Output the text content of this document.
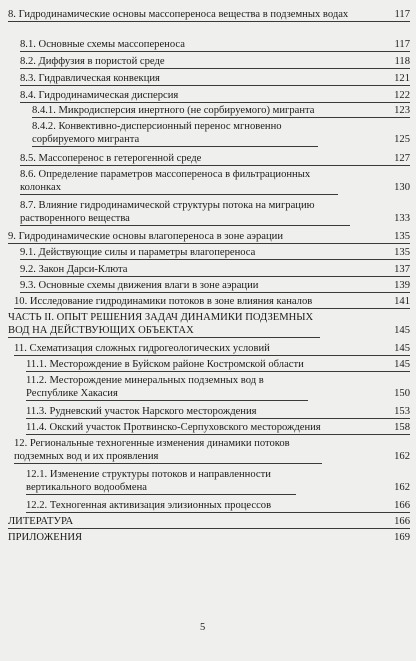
8. Гидродинамические основы массопереноса вещества в подземных водах	117
8.1. Основные схемы массопереноса	117
8.2. Диффузия в пористой среде	118
8.3. Гидравлическая конвекция	121
8.4. Гидродинамическая дисперсия	122
8.4.1. Микродисперсия инертного (не сорбируемого) мигранта	123
8.4.2. Конвективно-дисперсионный перенос мгновенно сорбируемого мигранта	125
8.5. Массоперенос в гетерогенной среде	127
8.6. Определение параметров массопереноса в фильтрационных колонках	130
8.7. Влияние гидродинамической структуры потока на миграцию растворенного вещества	133
9. Гидродинамические основы влагопереноса в зоне аэрации	135
9.1. Действующие силы и параметры влагопереноса	135
9.2. Закон Дарси-Клюта	137
9.3. Основные схемы движения влаги в зоне аэрации	139
10. Исследование гидродинамики потоков в зоне влияния каналов	141
ЧАСТЬ II. ОПЫТ РЕШЕНИЯ ЗАДАЧ ДИНАМИКИ ПОДЗЕМНЫХ ВОД НА ДЕЙСТВУЮЩИХ ОБЪЕКТАХ	145
11. Схематизация сложных гидрогеологических условий	145
11.1. Месторождение в Буйском районе Костромской области	145
11.2. Месторождение минеральных подземных вод в Республике Хакасия	150
11.3. Рудневский участок Нарского месторождения	153
11.4. Окский участок Протвинско-Серпуховского месторождения	158
12. Региональные техногенные изменения динамики потоков подземных вод и их проявления	162
12.1. Изменение структуры потоков и направленности вертикального водообмена	162
12.2. Техногенная активизация элизионных процессов	166
ЛИТЕРАТУРА	166
ПРИЛОЖЕНИЯ	169
5
